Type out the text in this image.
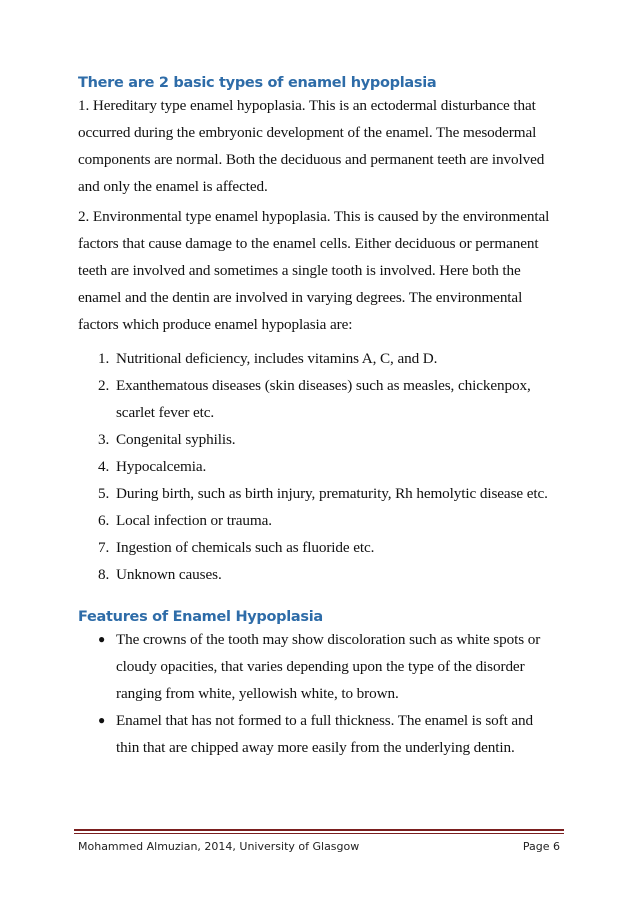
There are 2 basic types of enamel hypoplasia

1. Hereditary type enamel hypoplasia. This is an ectodermal disturbance that
occurred during the embryonic development of the enamel. The mesodermal
components are normal. Both the deciduous and permanent teeth are involved
and only the enamel is affected.

2. Environmental type enamel hypoplasia. This is caused by the environmental
factors that cause damage to the enamel cells. Either deciduous or permanent
teeth are involved and sometimes a single tooth is involved. Here both the
enamel and the dentin are involved in varying degrees. The environmental
factors which produce enamel hypoplasia are:

1. Nutritional deficiency, includes vitamins A, C, and D.
2. Exanthematous diseases (skin diseases) such as measles, chickenpox,
scarlet fever etc.
3. Congenital syphilis.
4. Hypocalcemia.
5. During birth, such as birth injury, prematurity, Rh hemolytic disease etc.
6. Local infection or trauma.
7. Ingestion of chemicals such as fluoride etc.
8. Unknown causes.
Features of Enamel Hypoplasia
● The crowns of the tooth may show discoloration such as white spots or
cloudy opacities, that varies depending upon the type of the disorder
ranging from white, yellowish white, to brown.
● Enamel that has not formed to a full thickness. The enamel is soft and
thin that are chipped away more easily from the underlying dentin.
Mohammed Almuzian, 2014, University of Glasgow	Page 6
